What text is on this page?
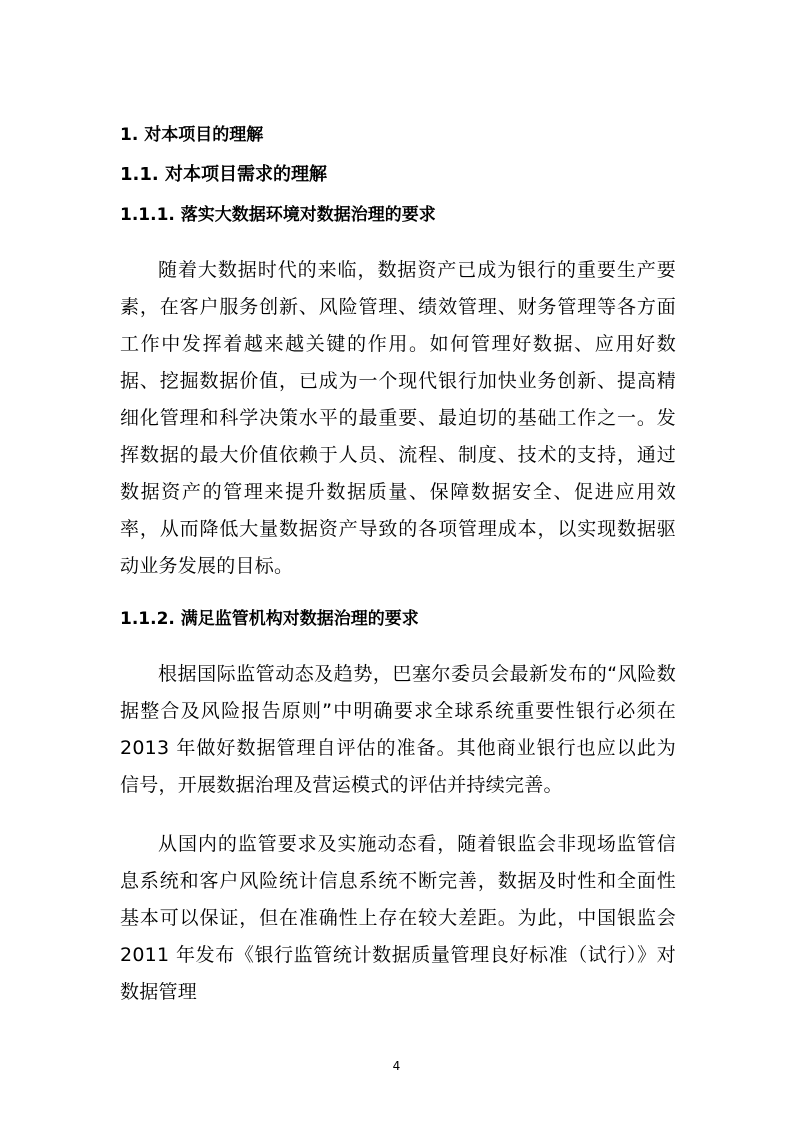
1. 对本项目的理解
1.1. 对本项目需求的理解
1.1.1. 落实大数据环境对数据治理的要求

随着大数据时代的来临，数据资产已成为银行的重要生产要素，在客户服务创新、风险管理、绩效管理、财务管理等各方面工作中发挥着越来越关键的作用。如何管理好数据、应用好数据、挖掘数据价值，已成为一个现代银行加快业务创新、提高精细化管理和科学决策水平的最重要、最迫切的基础工作之一。发挥数据的最大价值依赖于人员、流程、制度、技术的支持，通过数据资产的管理来提升数据质量、保障数据安全、促进应用效率，从而降低大量数据资产导致的各项管理成本，以实现数据驱动业务发展的目标。

1.1.2. 满足监管机构对数据治理的要求

根据国际监管动态及趋势，巴塞尔委员会最新发布的“风险数据整合及风险报告原则”中明确要求全球系统重要性银行必须在2013 年做好数据管理自评估的准备。其他商业银行也应以此为信号，开展数据治理及营运模式的评估并持续完善。

从国内的监管要求及实施动态看，随着银监会非现场监管信息系统和客户风险统计信息系统不断完善，数据及时性和全面性基本可以保证，但在准确性上存在较大差距。为此，中国银监会 2011 年发布《银行监管统计数据质量管理良好标准（试行）》对数据管理

4
